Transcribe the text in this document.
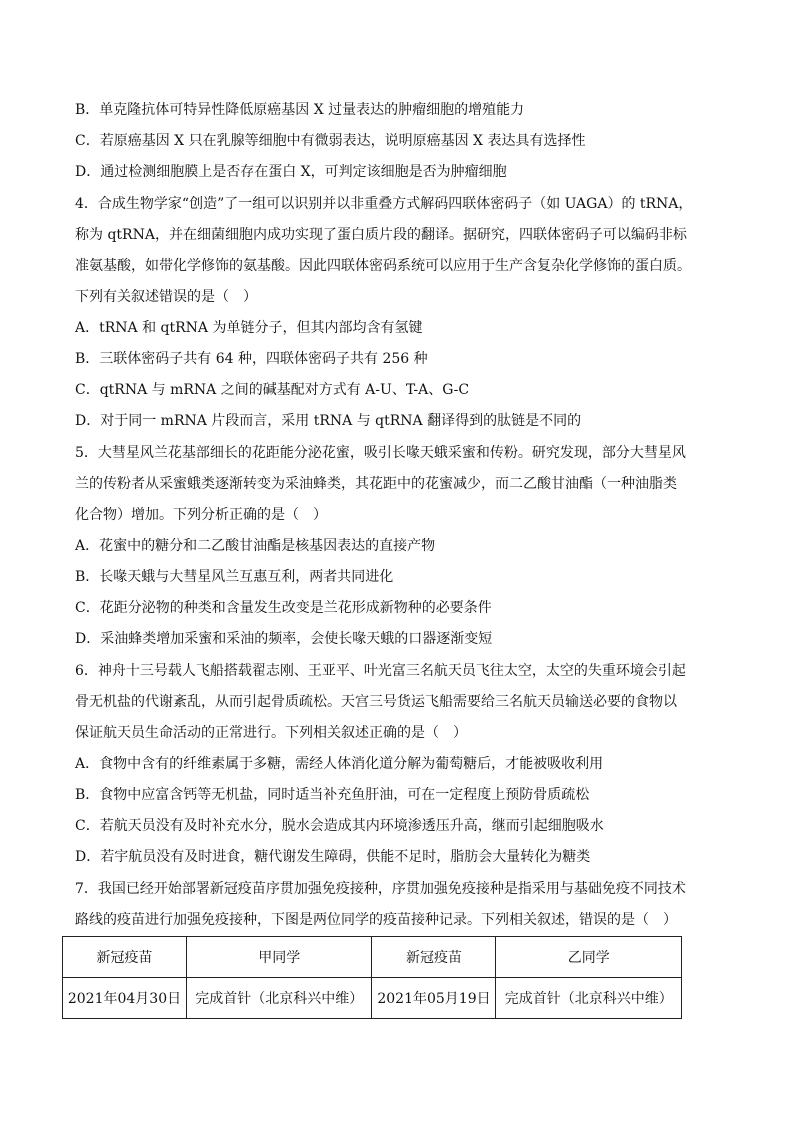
B．单克隆抗体可特异性降低原癌基因 X 过量表达的肿瘤细胞的增殖能力
C．若原癌基因 X 只在乳腺等细胞中有微弱表达，说明原癌基因 X 表达具有选择性
D．通过检测细胞膜上是否存在蛋白 X，可判定该细胞是否为肿瘤细胞
4．合成生物学家“创造”了一组可以识别并以非重叠方式解码四联体密码子（如 UAGA）的 tRNA，
称为 qtRNA，并在细菌细胞内成功实现了蛋白质片段的翻译。据研究，四联体密码子可以编码非标
准氨基酸，如带化学修饰的氨基酸。因此四联体密码系统可以应用于生产含复杂化学修饰的蛋白质。
下列有关叙述错误的是（　）
A．tRNA 和 qtRNA 为单链分子，但其内部均含有氢键
B．三联体密码子共有 64 种，四联体密码子共有 256 种
C．qtRNA 与 mRNA 之间的碱基配对方式有 A-U、T-A、G-C
D．对于同一 mRNA 片段而言，采用 tRNA 与 qtRNA 翻译得到的肽链是不同的
5．大彗星风兰花基部细长的花距能分泌花蜜，吸引长喙天蛾采蜜和传粉。研究发现，部分大彗星风
兰的传粉者从采蜜蛾类逐渐转变为采油蜂类，其花距中的花蜜减少，而二乙酸甘油酯（一种油脂类
化合物）增加。下列分析正确的是（　）
A．花蜜中的糖分和二乙酸甘油酯是核基因表达的直接产物
B．长喙天蛾与大彗星风兰互惠互利，两者共同进化
C．花距分泌物的种类和含量发生改变是兰花形成新物种的必要条件
D．采油蜂类增加采蜜和采油的频率，会使长喙天蛾的口器逐渐变短
6．神舟十三号载人飞船搭载翟志刚、王亚平、叶光富三名航天员飞往太空，太空的失重环境会引起
骨无机盐的代谢紊乱，从而引起骨质疏松。天宫三号货运飞船需要给三名航天员输送必要的食物以
保证航天员生命活动的正常进行。下列相关叙述正确的是（　）
A．食物中含有的纤维素属于多糖，需经人体消化道分解为葡萄糖后，才能被吸收利用
B．食物中应富含钙等无机盐，同时适当补充鱼肝油，可在一定程度上预防骨质疏松
C．若航天员没有及时补充水分，脱水会造成其内环境渗透压升高，继而引起细胞吸水
D．若宇航员没有及时进食，糖代谢发生障碍，供能不足时，脂肪会大量转化为糖类
7．我国已经开始部署新冠疫苗序贯加强免疫接种，序贯加强免疫接种是指采用与基础免疫不同技术
路线的疫苗进行加强免疫接种，下图是两位同学的疫苗接种记录。下列相关叙述，错误的是（　）
新冠疫苗	甲同学	新冠疫苗	乙同学
2021年04月30日	完成首针（北京科兴中维）	2021年05月19日	完成首针（北京科兴中维）
